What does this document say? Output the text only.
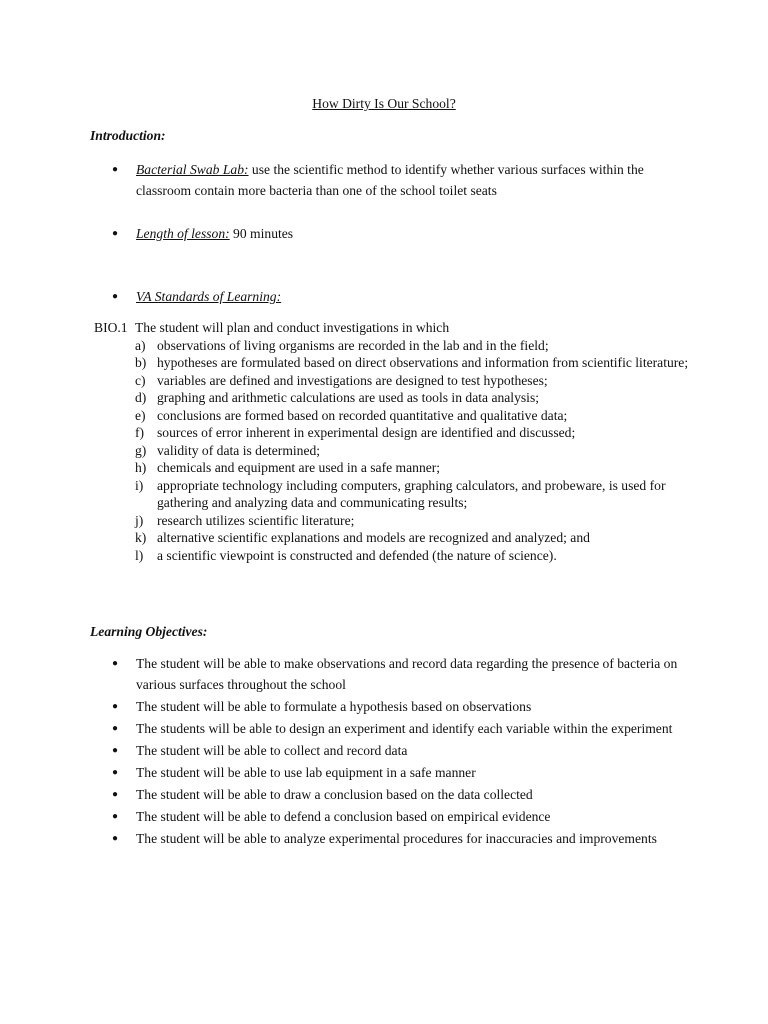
How Dirty Is Our School?
Introduction:
● Bacterial Swab Lab: use the scientific method to identify whether various surfaces within the classroom contain more bacteria than one of the school toilet seats
● Length of lesson: 90 minutes
● VA Standards of Learning:
BIO.1 The student will plan and conduct investigations in which
a) observations of living organisms are recorded in the lab and in the field;
b) hypotheses are formulated based on direct observations and information from scientific literature;
c) variables are defined and investigations are designed to test hypotheses;
d) graphing and arithmetic calculations are used as tools in data analysis;
e) conclusions are formed based on recorded quantitative and qualitative data;
f) sources of error inherent in experimental design are identified and discussed;
g) validity of data is determined;
h) chemicals and equipment are used in a safe manner;
i)	appropriate technology including computers, graphing calculators, and probeware, is used for gathering and analyzing data and communicating results;
j)	research utilizes scientific literature;
k) alternative scientific explanations and models are recognized and analyzed; and
l)	a scientific viewpoint is constructed and defended (the nature of science).
Learning Objectives:
● The student will be able to make observations and record data regarding the presence of bacteria on various surfaces throughout the school
● The student will be able to formulate a hypothesis based on observations
● The students will be able to design an experiment and identify each variable within the experiment
● The student will be able to collect and record data
● The student will be able to use lab equipment in a safe manner
● The student will be able to draw a conclusion based on the data collected
● The student will be able to defend a conclusion based on empirical evidence
● The student will be able to analyze experimental procedures for inaccuracies and improvements
